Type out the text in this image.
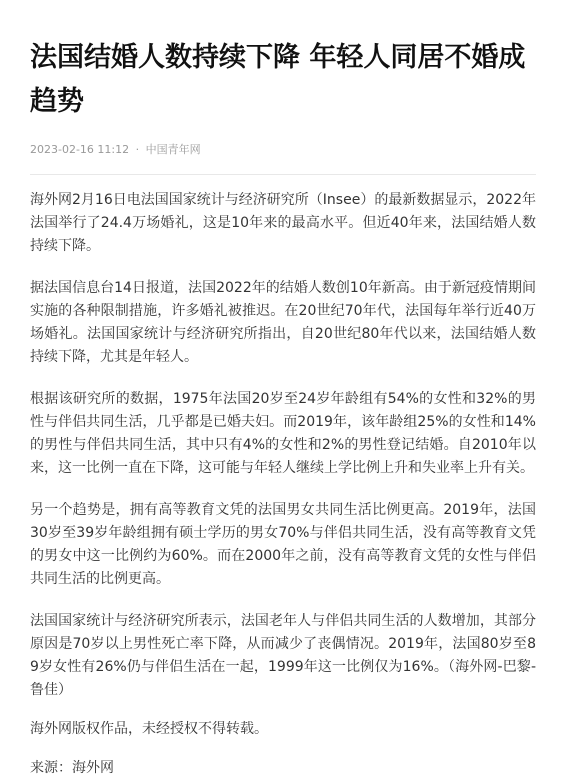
法国结婚人数持续下降 年轻人同居不婚成趋势
2023-02-16 11:12 · 中国青年网

海外网2月16日电法国国家统计与经济研究所（Insee）的最新数据显示，2022年法国举行了24.4万场婚礼，这是10年来的最高水平。但近40年来，法国结婚人数持续下降。

据法国信息台14日报道，法国2022年的结婚人数创10年新高。由于新冠疫情期间实施的各种限制措施，许多婚礼被推迟。在20世纪70年代，法国每年举行近40万场婚礼。法国国家统计与经济研究所指出，自20世纪80年代以来，法国结婚人数持续下降，尤其是年轻人。

根据该研究所的数据，1975年法国20岁至24岁年龄组有54%的女性和32%的男性与伴侣共同生活，几乎都是已婚夫妇。而2019年，该年龄组25%的女性和14%的男性与伴侣共同生活，其中只有4%的女性和2%的男性登记结婚。自2010年以来，这一比例一直在下降，这可能与年轻人继续上学比例上升和失业率上升有关。

另一个趋势是，拥有高等教育文凭的法国男女共同生活比例更高。2019年，法国30岁至39岁年龄组拥有硕士学历的男女70%与伴侣共同生活，没有高等教育文凭的男女中这一比例约为60%。而在2000年之前，没有高等教育文凭的女性与伴侣共同生活的比例更高。

法国国家统计与经济研究所表示，法国老年人与伴侣共同生活的人数增加，其部分原因是70岁以上男性死亡率下降，从而减少了丧偶情况。2019年，法国80岁至89岁女性有26%仍与伴侣生活在一起，1999年这一比例仅为16%。（海外网-巴黎-鲁佳）

海外网版权作品，未经授权不得转载。

来源：海外网
